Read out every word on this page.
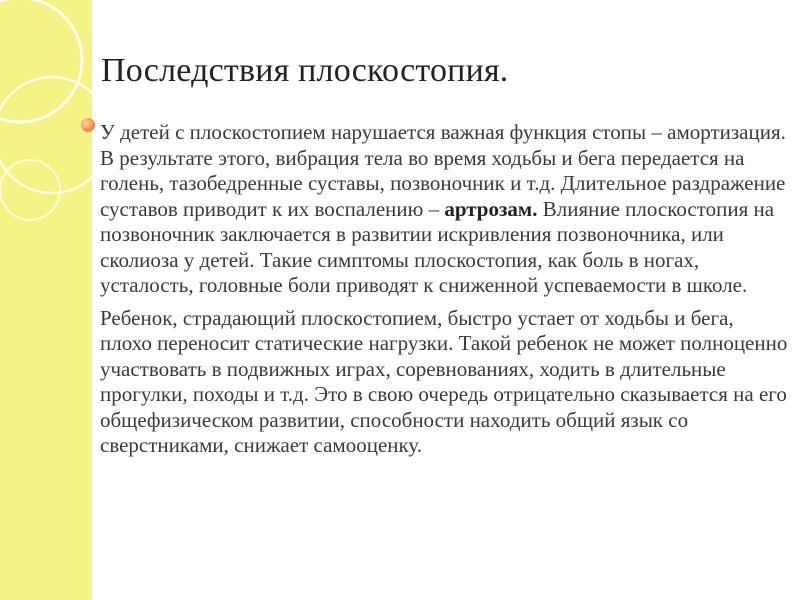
Последствия плоскостопия.

У детей с плоскостопием нарушается важная функция стопы – амортизация. В результате этого, вибрация тела во время ходьбы и бега передается на голень, тазобедренные суставы, позвоночник и т.д. Длительное раздражение суставов приводит к их воспалению – артрозам. Влияние плоскостопия на позвоночник заключается в развитии искривления позвоночника, или сколиоза у детей. Такие симптомы плоскостопия, как боль в ногах, усталость, головные боли приводят к сниженной успеваемости в школе.

Ребенок, страдающий плоскостопием, быстро устает от ходьбы и бега, плохо переносит статические нагрузки. Такой ребенок не может полноценно участвовать в подвижных играх, соревнованиях, ходить в длительные прогулки, походы и т.д. Это в свою очередь отрицательно сказывается на его общефизическом развитии, способности находить общий язык со сверстниками, снижает самооценку.
